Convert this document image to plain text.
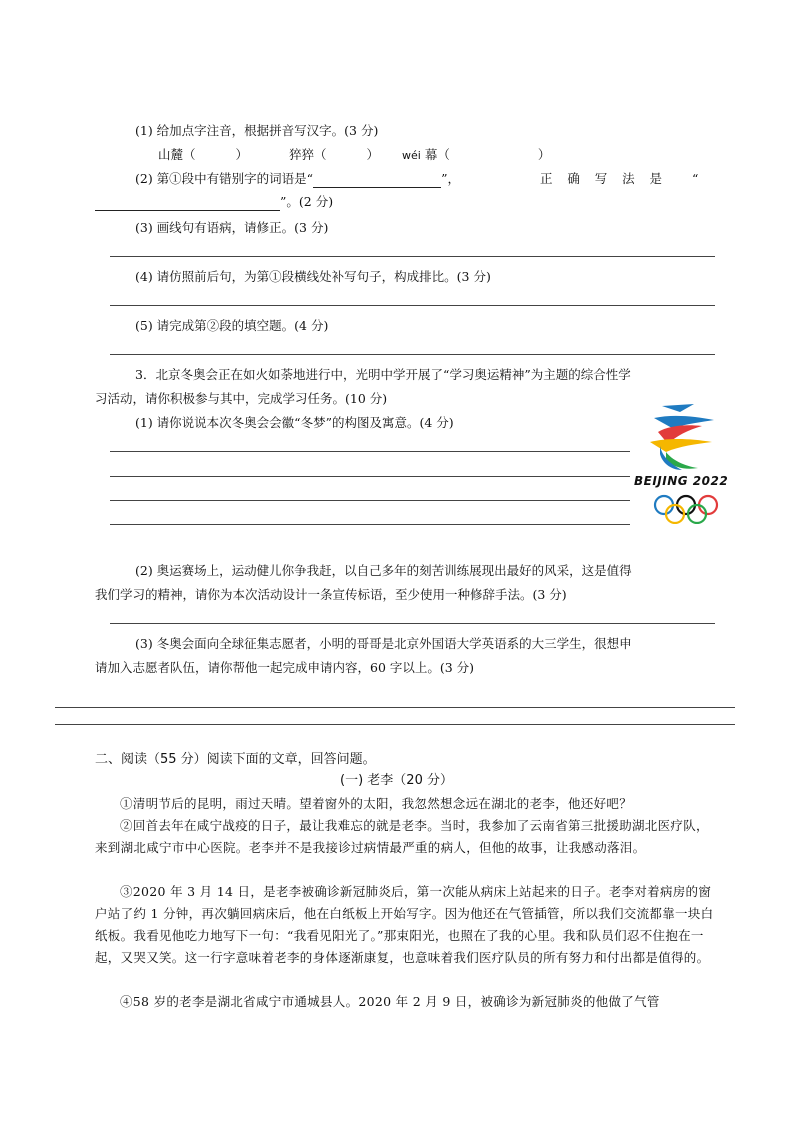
(1) 给加点字注音，根据拼音写汉字。(3 分)
山麓（	）	猝猝（	） wéi 幕（	）
(2) 第①段中有错别字的词语是“	”，	正 确 写 法 是 “
”。(2 分)
(3) 画线句有语病，请修正。(3 分)
(4) 请仿照前后句，为第①段横线处补写句子，构成排比。(3 分)
(5) 请完成第②段的填空题。(4 分)
3．北京冬奥会正在如火如荼地进行中，光明中学开展了“学习奥运精神”为主题的综合性学
习活动，请你积极参与其中，完成学习任务。(10 分)
(1) 请你说说本次冬奥会会徽“冬梦”的构图及寓意。(4 分)
BEIJING 2022
(2) 奥运赛场上，运动健儿你争我赶，以自己多年的刻苦训练展现出最好的风采，这是值得
我们学习的精神，请你为本次活动设计一条宣传标语，至少使用一种修辞手法。(3 分)
(3) 冬奥会面向全球征集志愿者，小明的哥哥是北京外国语大学英语系的大三学生，很想申
请加入志愿者队伍，请你帮他一起完成申请内容，60 字以上。(3 分)
二、阅读（55 分）阅读下面的文章，回答问题。
(一) 老李（20 分）
①清明节后的昆明，雨过天晴。望着窗外的太阳，我忽然想念远在湖北的老李，他还好吧？
②回首去年在咸宁战疫的日子，最让我难忘的就是老李。当时，我参加了云南省第三批援助湖北医疗队，来到湖北咸宁市中心医院。老李并不是我接诊过病情最严重的病人，但他的故事，让我感动落泪。
③2020 年 3 月 14 日，是老李被确诊新冠肺炎后，第一次能从病床上站起来的日子。老李对着病房的窗户站了约 1 分钟，再次躺回病床后，他在白纸板上开始写字。因为他还在气管插管，所以我们交流都靠一块白纸板。我看见他吃力地写下一句：“我看见阳光了。”那束阳光，也照在了我的心里。我和队员们忍不住抱在一起，又哭又笑。这一行字意味着老李的身体逐渐康复，也意味着我们医疗队员的所有努力和付出都是值得的。
④58 岁的老李是湖北省咸宁市通城县人。2020 年 2 月 9 日，被确诊为新冠肺炎的他做了气管
